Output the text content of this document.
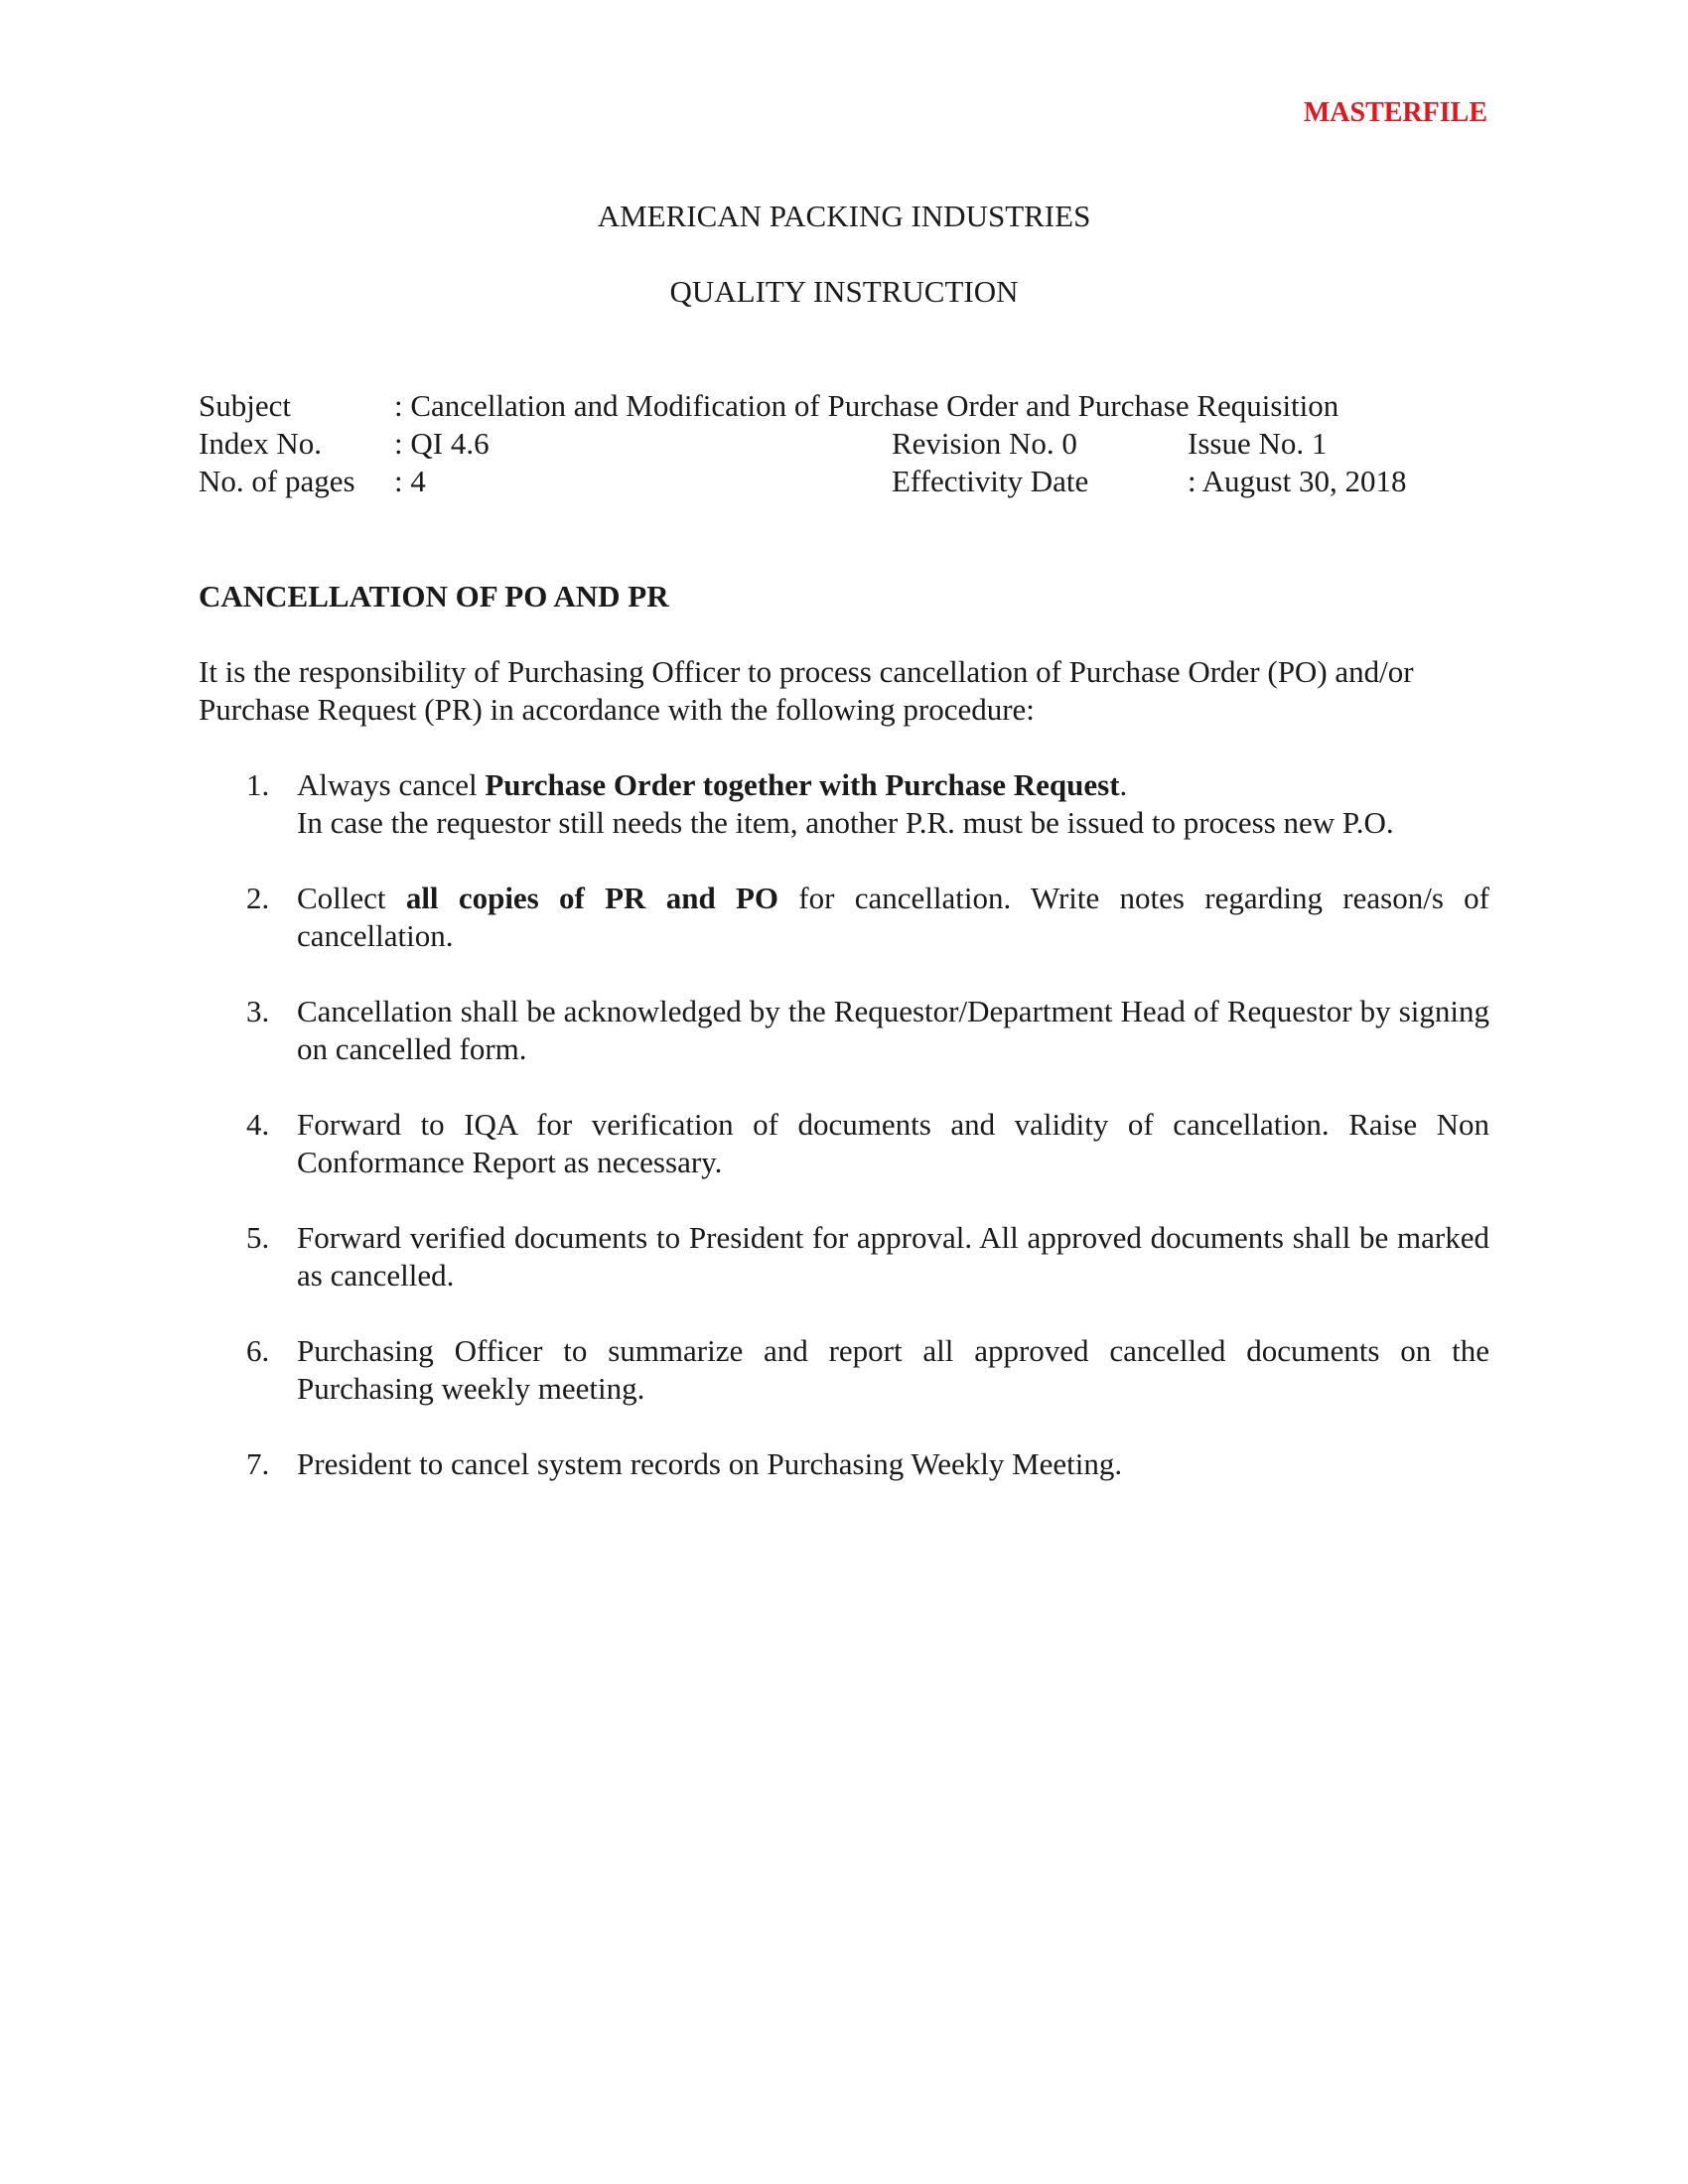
MASTERFILE
AMERICAN PACKING INDUSTRIES
QUALITY INSTRUCTION
Subject	: Cancellation and Modification of Purchase Order and Purchase Requisition
Index No. : QI 4.6	Revision No. 0	Issue No. 1
No. of pages : 4	Effectivity Date	: August 30, 2018
CANCELLATION OF PO AND PR
It is the responsibility of Purchasing Officer to process cancellation of Purchase Order (PO) and/or Purchase Request (PR) in accordance with the following procedure:
1. Always cancel Purchase Order together with Purchase Request.
In case the requestor still needs the item, another P.R. must be issued to process new P.O.
2. Collect all copies of PR and PO for cancellation. Write notes regarding reason/s of cancellation.
3. Cancellation shall be acknowledged by the Requestor/Department Head of Requestor by signing on cancelled form.
4. Forward to IQA for verification of documents and validity of cancellation. Raise Non Conformance Report as necessary.
5. Forward verified documents to President for approval. All approved documents shall be marked as cancelled.
6. Purchasing Officer to summarize and report all approved cancelled documents on the Purchasing weekly meeting.
7. President to cancel system records on Purchasing Weekly Meeting.
